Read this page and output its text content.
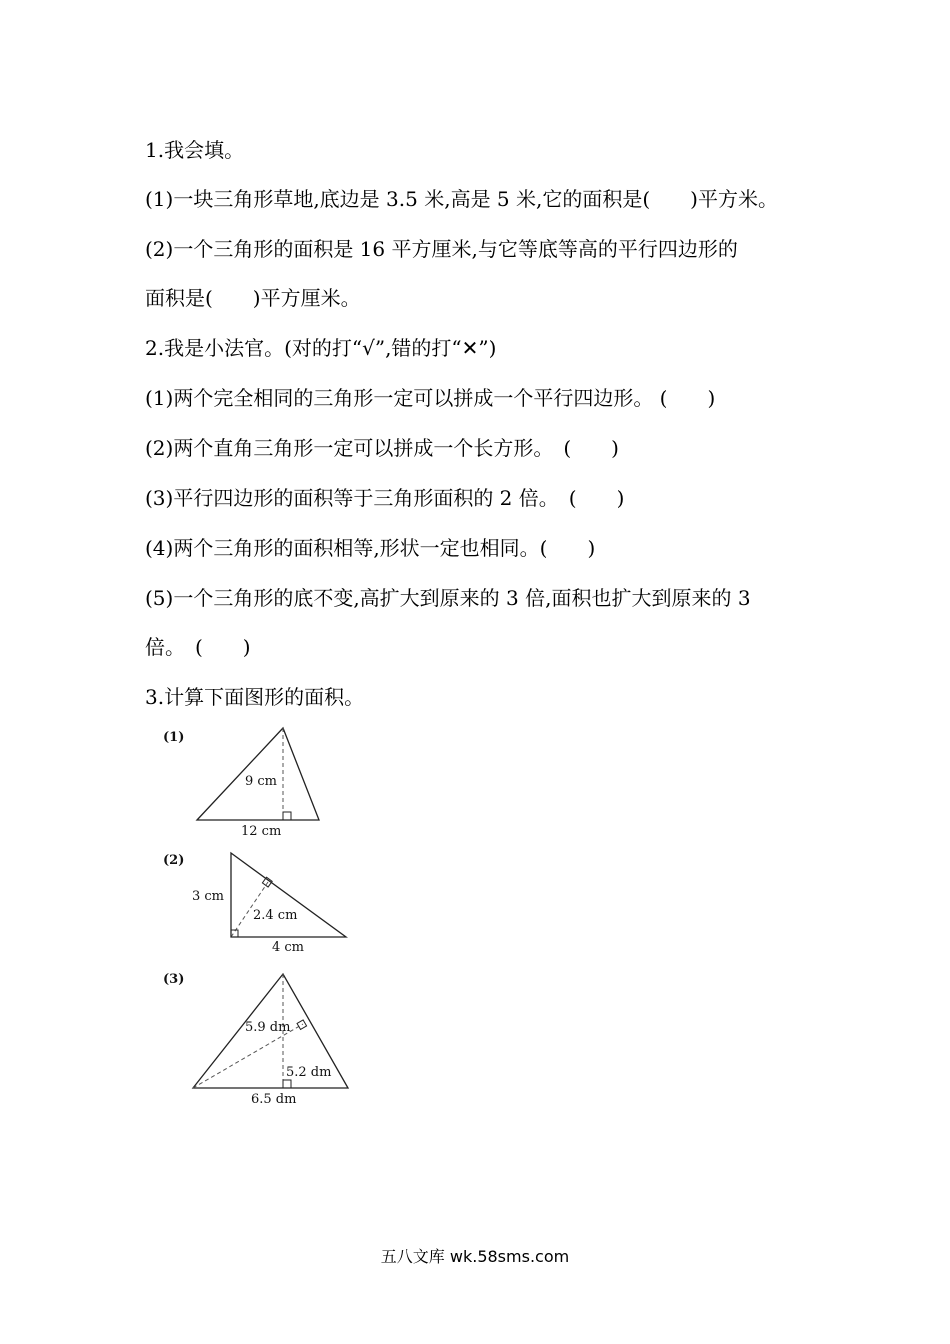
1.我会填。
(1)一块三角形草地,底边是 3.5 米,高是 5 米,它的面积是(　　)平方米。
(2)一个三角形的面积是 16 平方厘米,与它等底等高的平行四边形的
面积是(　　)平方厘米。
2.我是小法官。(对的打“√”,错的打“✕”)
(1)两个完全相同的三角形一定可以拼成一个平行四边形。 (　　)
(2)两个直角三角形一定可以拼成一个长方形。　(　　)
(3)平行四边形的面积等于三角形面积的 2 倍。　(　　)
(4)两个三角形的面积相等,形状一定也相同。(　　)
(5)一个三角形的底不变,高扩大到原来的 3 倍,面积也扩大到原来的 3
倍。　(　　)
3.计算下面图形的面积。
(1)
9 cm
12 cm
(2)
3 cm
2.4 cm
4 cm
(3)
5.9 dm
5.2 dm
6.5 dm
五八文库 wk.58sms.com
